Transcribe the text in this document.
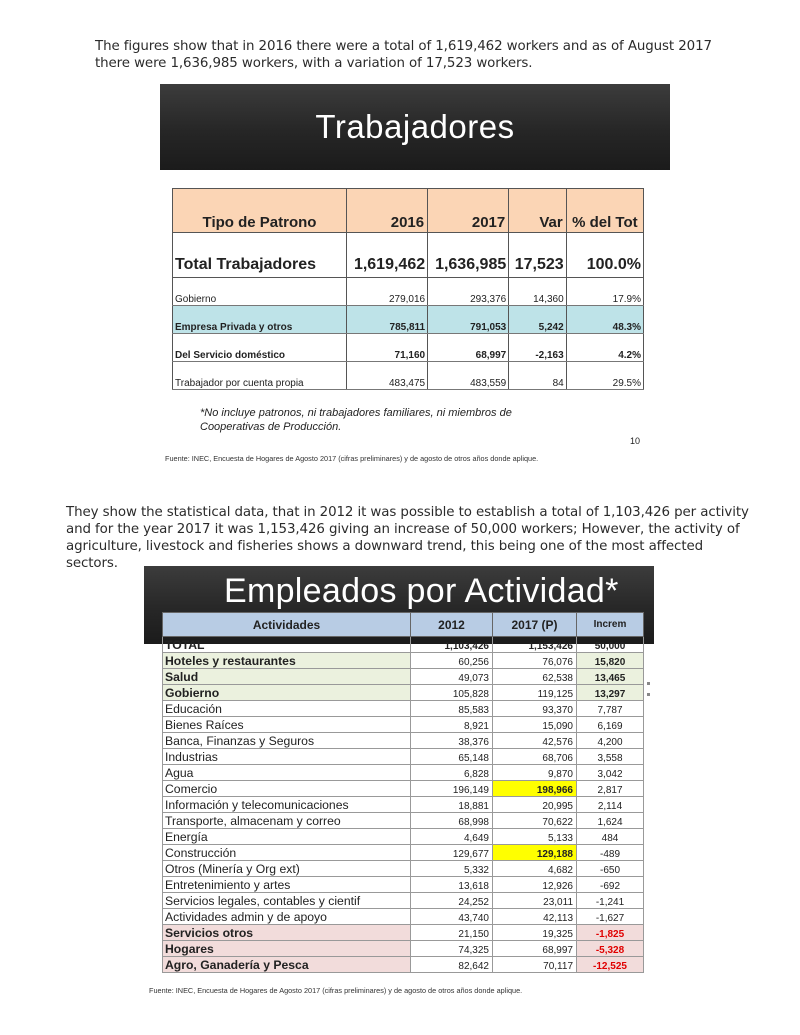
The figures show that in 2016 there were a total of 1,619,462 workers and as of August 2017 there were 1,636,985 workers, with a variation of 17,523 workers.

Trabajadores
Tipo de Patrono	2016	2017	Var	% del Tot
Total Trabajadores	1,619,462	1,636,985	17,523	100.0%
Gobierno	279,016	293,376	14,360	17.9%
Empresa Privada y otros	785,811	791,053	5,242	48.3%
Del Servicio doméstico	71,160	68,997	-2,163	4.2%
Trabajador por cuenta propia	483,475	483,559	84	29.5%

*No incluye patronos, ni trabajadores familiares, ni miembros de Cooperativas de Producción.

10
Fuente: INEC, Encuesta de Hogares de Agosto 2017 (cifras preliminares) y de agosto de otros años donde aplique.

They show the statistical data, that in 2012 it was possible to establish a total of 1,103,426 per activity and for the year 2017 it was 1,153,426 giving an increase of 50,000 workers; However, the activity of agriculture, livestock and fisheries shows a downward trend, this being one of the most affected sectors.

Empleados por Actividad*
Actividades	2012	2017 (P)	Increm
TOTAL	1,103,426	1,153,426	50,000
Hoteles y restaurantes	60,256	76,076	15,820
Salud	49,073	62,538	13,465
Gobierno	105,828	119,125	13,297
Educación	85,583	93,370	7,787
Bienes Raíces	8,921	15,090	6,169
Banca, Finanzas y Seguros	38,376	42,576	4,200
Industrias	65,148	68,706	3,558
Agua	6,828	9,870	3,042
Comercio	196,149	198,966	2,817
Información y telecomunicaciones	18,881	20,995	2,114
Transporte, almacenam y correo	68,998	70,622	1,624
Energía	4,649	5,133	484
Construcción	129,677	129,188	-489
Otros (Minería y Org ext)	5,332	4,682	-650
Entretenimiento y artes	13,618	12,926	-692
Servicios legales, contables y cientif	24,252	23,011	-1,241
Actividades admin y de apoyo	43,740	42,113	-1,627
Servicios otros	21,150	19,325	-1,825
Hogares	74,325	68,997	-5,328
Agro, Ganadería y Pesca	82,642	70,117	-12,525
Fuente: INEC, Encuesta de Hogares de Agosto 2017 (cifras preliminares) y de agosto de otros años donde aplique.
